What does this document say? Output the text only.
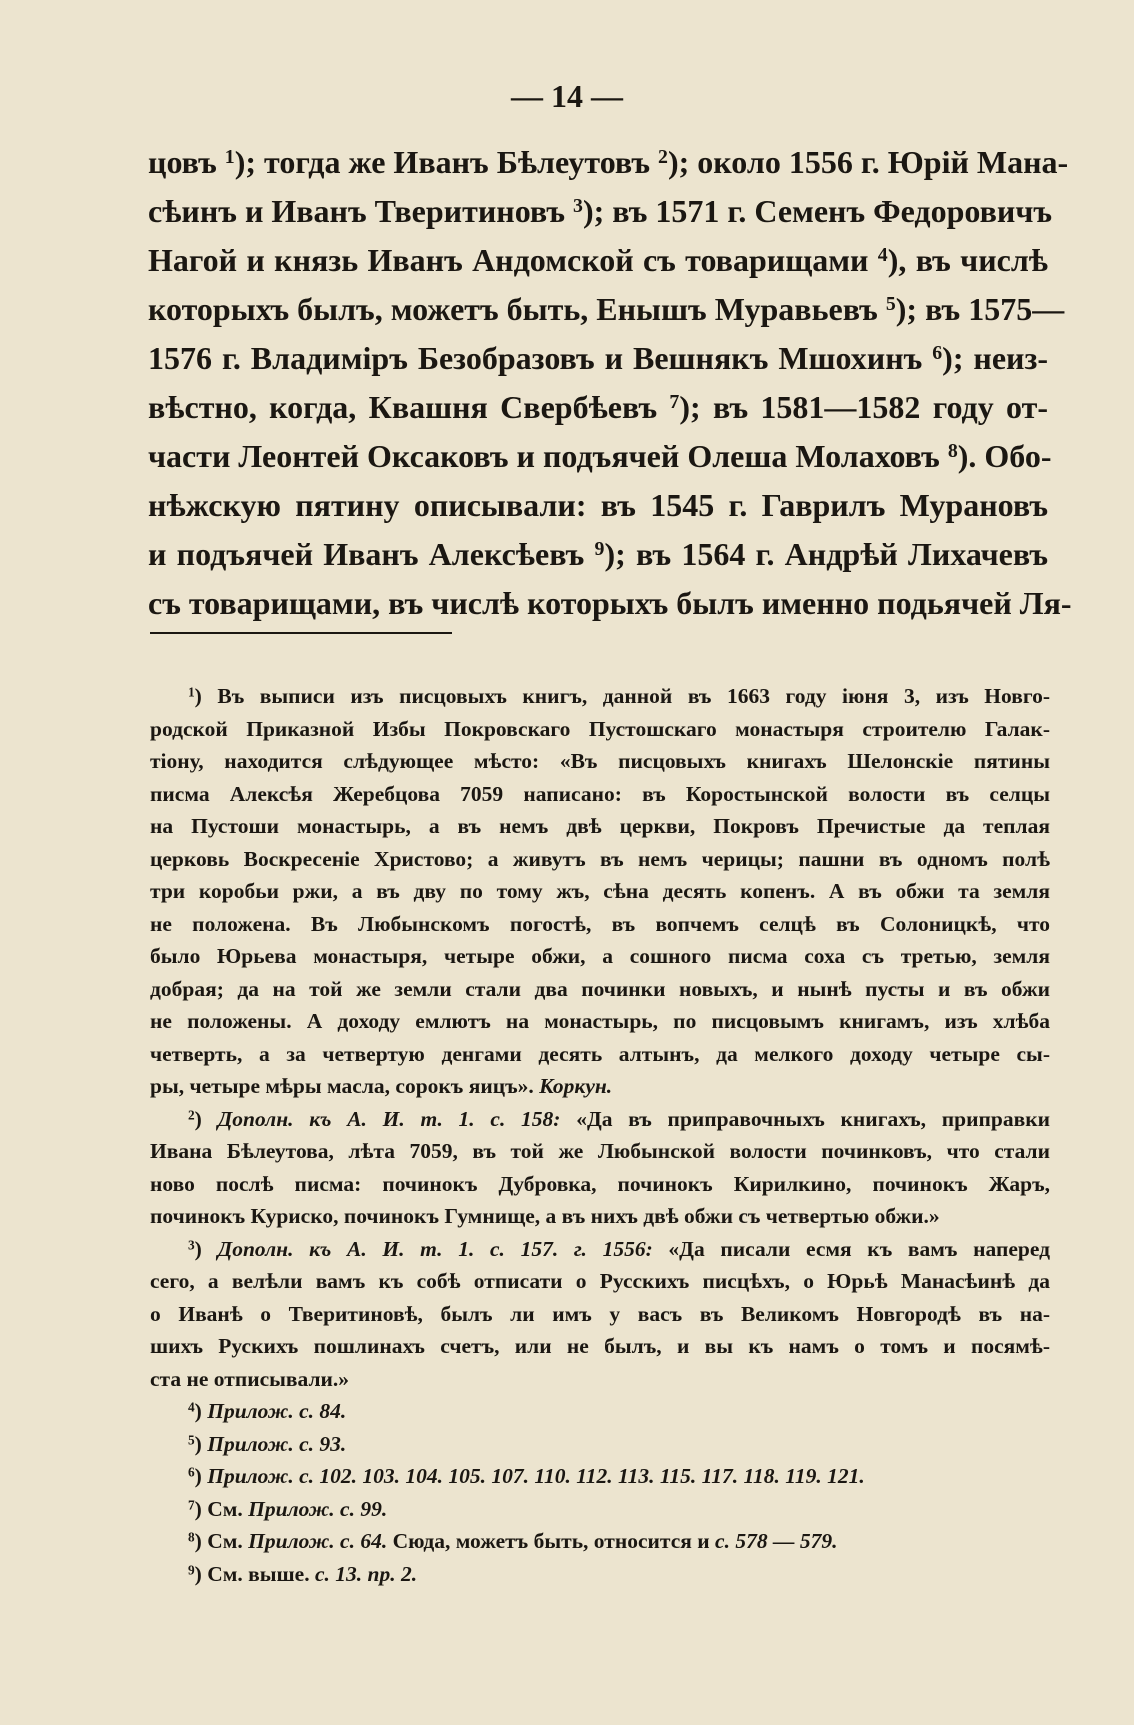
— 14 —
цовъ $^1$); тогда же Иванъ Бѣлеутовъ $^2$); около 1556 г. Юрій Мана-
сѣинъ и Иванъ Тверитиновъ $^3$); въ 1571 г. Семенъ Федоровичъ
Нагой и князь Иванъ Андомской съ товарищами $^4$), въ числѣ
которыхъ былъ, можетъ быть, Енышъ Муравьевъ $^5$); въ 1575—
1576 г. Владиміръ Безобразовъ и Вешнякъ Мшохинъ $^6$); неиз-
вѣстно, когда, Квашня Свербѣевъ $^7$); въ 1581—1582 году от-
части Леонтей Оксаковъ и подъячей Олеша Молаховъ $^8$). Обо-
нѣжскую пятину описывали: въ 1545 г. Гаврилъ Мурановъ
и подъячей Иванъ Алексѣевъ $^9$); въ 1564 г. Андрѣй Лихачевъ
съ товарищами, въ числѣ которыхъ былъ именно подьячей Ля-
$^1$) Въ выписи изъ писцовыхъ книгъ, данной въ 1663 году іюня 3, изъ Новго-
родской Приказной Избы Покровскаго Пустошскаго монастыря строителю Галак-
тіону, находится слѣдующее мѣсто: «Въ писцовыхъ книгахъ Шелонскіе пятины
писма Алексѣя Жеребцова 7059 написано: въ Коростынской волости въ селцы
на Пустоши монастырь, а въ немъ двѣ церкви, Покровъ Пречистые да теплая
церковь Воскресеніе Христово; а живутъ въ немъ черицы; пашни въ одномъ полѣ
три коробьи ржи, а въ дву по тому жъ, сѣна десять копенъ. А въ обжи та земля
не положена. Въ Любынскомъ погостѣ, въ вопчемъ селцѣ въ Солоницкѣ, что
было Юрьева монастыря, четыре обжи, а сошного писма соха съ третью, земля
добрая; да на той же земли стали два починки новыхъ, и нынѣ пусты и въ обжи
не положены. А доходу емлютъ на монастырь, по писцовымъ книгамъ, изъ хлѣба
четверть, а за четвертую денгами десять алтынъ, да мелкого доходу четыре сы-
ры, четыре мѣры масла, сорокъ яицъ». Коркун.
$^2$) Дополн. къ А. И. т. 1. с. 158: «Да въ приправочныхъ книгахъ, приправки
Ивана Бѣлеутова, лѣта 7059, въ той же Любынской волости починковъ, что стали
ново послѣ писма: починокъ Дубровка, починокъ Кирилкино, починокъ Жаръ,
починокъ Куриско, починокъ Гумнище, а въ нихъ двѣ обжи съ четвертью обжи.»
$^3$) Дополн. къ А. И. т. 1. с. 157. г. 1556: «Да писали есмя къ вамъ наперед
сего, а велѣли вамъ къ собѣ отписати о Русскихъ писцѣхъ, о Юрьѣ Манасѣинѣ да
о Иванѣ о Тверитиновѣ, былъ ли имъ у васъ въ Великомъ Новгородѣ въ на-
шихъ Рускихъ пошлинахъ счетъ, или не былъ, и вы къ намъ о томъ и посямѣ-
ста не отписывали.»
$^4$) Прилож. с. 84.
$^5$) Прилож. с. 93.
$^6$) Прилож. с. 102. 103. 104. 105. 107. 110. 112. 113. 115. 117. 118. 119. 121.
$^7$) См. Прилож. с. 99.
$^8$) См. Прилож. с. 64. Сюда, можетъ быть, относится и с. 578 — 579.
$^9$) См. выше. с. 13. пр. 2.
